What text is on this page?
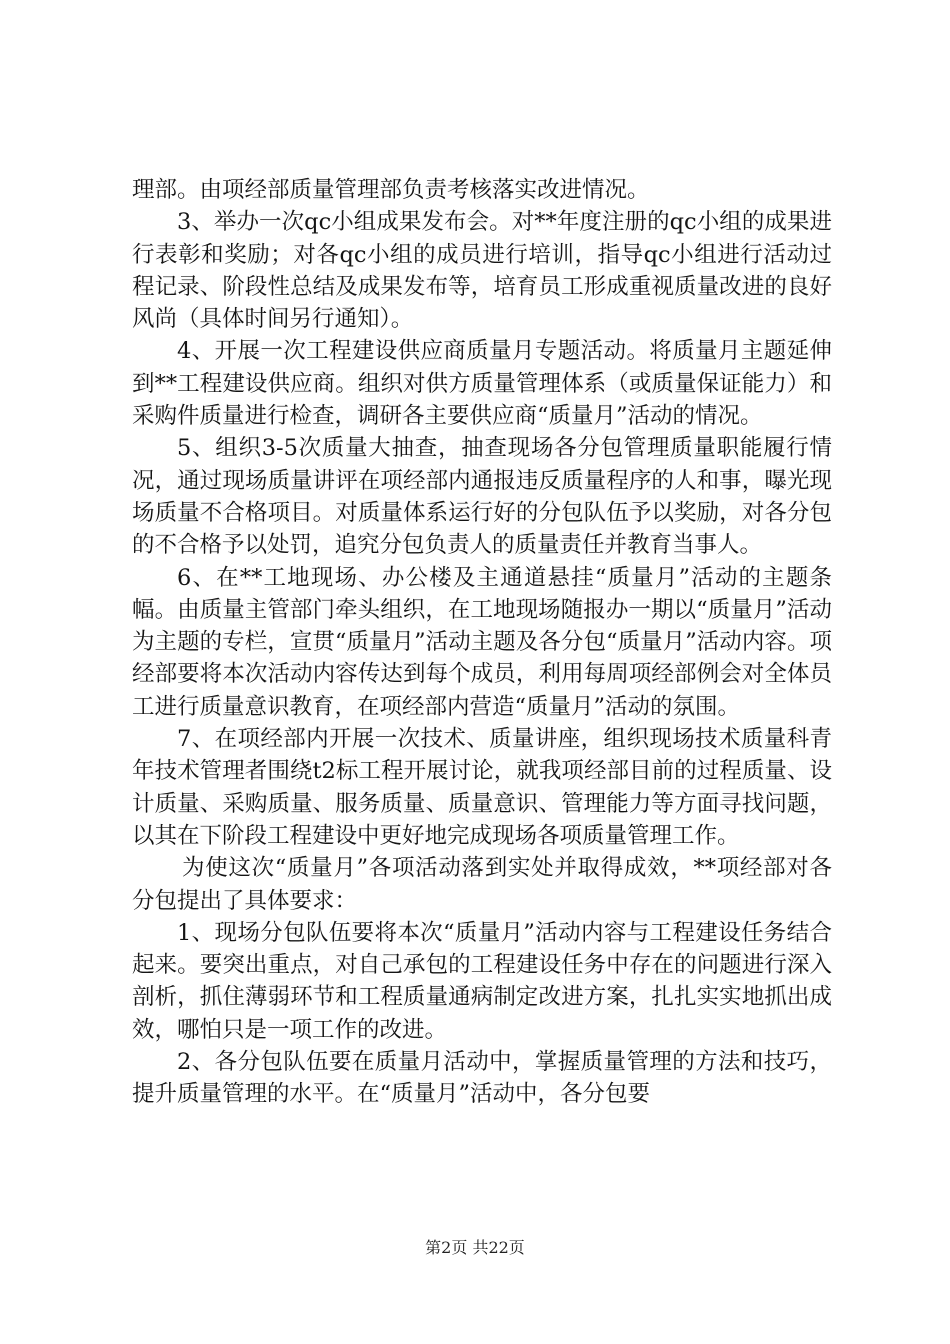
理部。由项经部质量管理部负责考核落实改进情况。

3、举办一次qc小组成果发布会。对**年度注册的qc小组的成果进行表彰和奖励；对各qc小组的成员进行培训，指导qc小组进行活动过程记录、阶段性总结及成果发布等，培育员工形成重视质量改进的良好风尚（具体时间另行通知）。

4、开展一次工程建设供应商质量月专题活动。将质量月主题延伸到**工程建设供应商。组织对供方质量管理体系（或质量保证能力）和采购件质量进行检查，调研各主要供应商“质量月”活动的情况。

5、组织3-5次质量大抽查，抽查现场各分包管理质量职能履行情况，通过现场质量讲评在项经部内通报违反质量程序的人和事，曝光现场质量不合格项目。对质量体系运行好的分包队伍予以奖励，对各分包的不合格予以处罚，追究分包负责人的质量责任并教育当事人。

6、在**工地现场、办公楼及主通道悬挂“质量月”活动的主题条幅。由质量主管部门牵头组织，在工地现场随报办一期以“质量月”活动为主题的专栏，宣贯“质量月”活动主题及各分包“质量月”活动内容。项经部要将本次活动内容传达到每个成员，利用每周项经部例会对全体员工进行质量意识教育，在项经部内营造“质量月”活动的氛围。

7、在项经部内开展一次技术、质量讲座，组织现场技术质量科青年技术管理者围绕t2标工程开展讨论，就我项经部目前的过程质量、设计质量、采购质量、服务质量、质量意识、管理能力等方面寻找问题，以其在下阶段工程建设中更好地完成现场各项质量管理工作。

为使这次“质量月”各项活动落到实处并取得成效，**项经部对各分包提出了具体要求：

1、现场分包队伍要将本次“质量月”活动内容与工程建设任务结合起来。要突出重点，对自己承包的工程建设任务中存在的问题进行深入剖析，抓住薄弱环节和工程质量通病制定改进方案，扎扎实实地抓出成效，哪怕只是一项工作的改进。

2、各分包队伍要在质量月活动中，掌握质量管理的方法和技巧，提升质量管理的水平。在“质量月”活动中，各分包要

第2页 共22页
